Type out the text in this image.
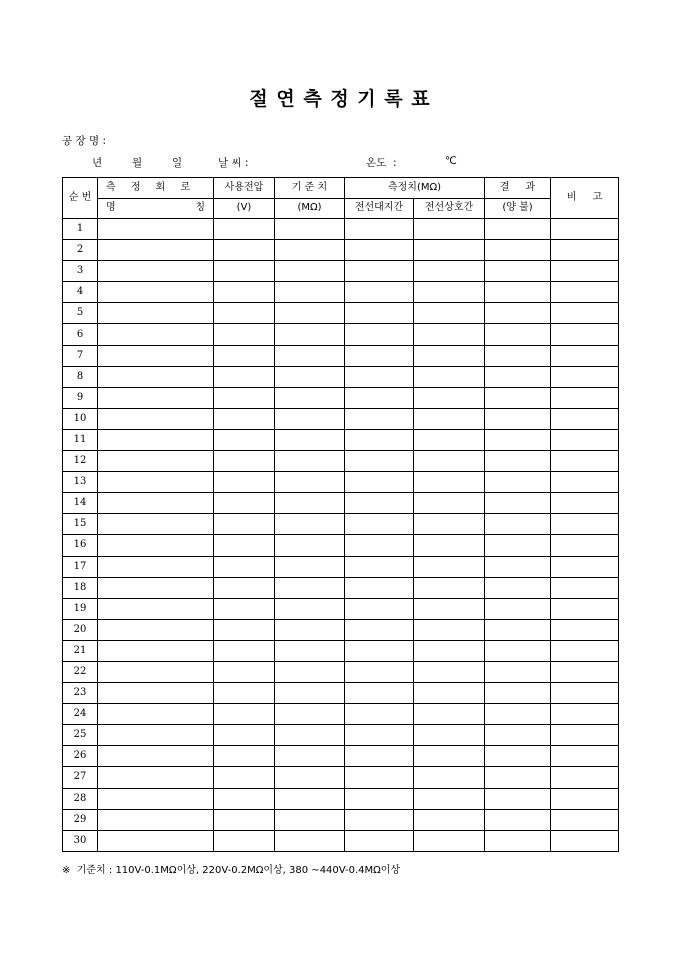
절 연 측 정 기 록 표
공 장 명 :
년	월	일	날 씨 :	온도  :	℃
순 번	측 정 회 로	사용전압	기 준 치	측정치(MΩ)		결     과	비     고

	명 칭	(V)	(MΩ)	전선대지간	전선상호간	(양 불)	
1							
2							
3							
4							
5							
6							
7							
8							
9							
10							
11							
12							
13							
14							
15							
16							
17							
18							
19							
20							
21							
22							
23							
24							
25							
26							
27							
28							
29							
30							
※  기준치 : 110V-0.1MΩ이상, 220V-0.2MΩ이상, 380 ~440V-0.4MΩ이상
